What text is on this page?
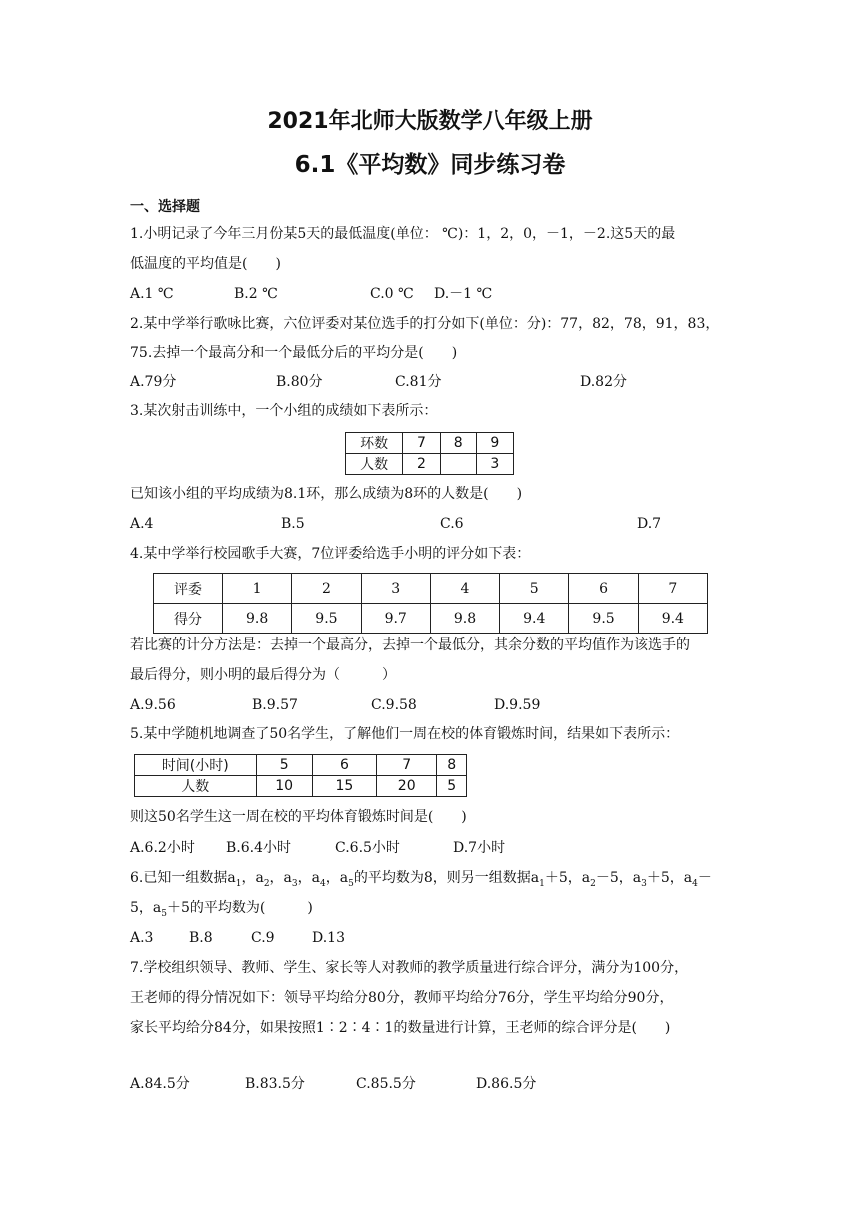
2021年北师大版数学八年级上册
6.1《平均数》同步练习卷
一、选择题
1.小明记录了今年三月份某5天的最低温度(单位： ℃)：1，2，0，－1，－2.这5天的最
低温度的平均值是(　　)
A.1 ℃	B.2 ℃	C.0 ℃ D.－1 ℃
2.某中学举行歌咏比赛，六位评委对某位选手的打分如下(单位：分)：77，82，78，91，83，
75.去掉一个最高分和一个最低分后的平均分是(　　)
A.79分	B.80分	C.81分	D.82分
3.某次射击训练中，一个小组的成绩如下表所示：
环数	7	8	9
人数	2		3
已知该小组的平均成绩为8.1环，那么成绩为8环的人数是(　　)
A.4	B.5	C.6	D.7
4.某中学举行校园歌手大赛，7位评委给选手小明的评分如下表：
评委	1	2	3	4	5	6	7
得分	9.8	9.5	9.7	9.8	9.4	9.5	9.4
若比赛的计分方法是：去掉一个最高分，去掉一个最低分，其余分数的平均值作为该选手的
最后得分，则小明的最后得分为（　　　）
A.9.56	B.9.57	C.9.58	D.9.59
5.某中学随机地调查了50名学生，了解他们一周在校的体育锻炼时间，结果如下表所示：
时间(小时)	5	6	7	8
人数	10	15	20	5
则这50名学生这一周在校的平均体育锻炼时间是(　　)
A.6.2小时 B.6.4小时	C.6.5小时	D.7小时
6.已知一组数据$a_1$，$a_2$，$a_3$，$a_4$，$a_5$的平均数为8，则另一组数据$a_1+5$，$a_2-5$，$a_3+5$，$a_4-$
5，$a_5+5$的平均数为(　　　)
A.3	B.8	C.9	D.13
7.学校组织领导、教师、学生、家长等人对教师的教学质量进行综合评分，满分为100分，
王老师的得分情况如下：领导平均给分80分，教师平均给分76分，学生平均给分90分，
家长平均给分84分，如果按照1∶2∶4∶1的数量进行计算，王老师的综合评分是(　　)
A.84.5分	B.83.5分	C.85.5分	D.86.5分
